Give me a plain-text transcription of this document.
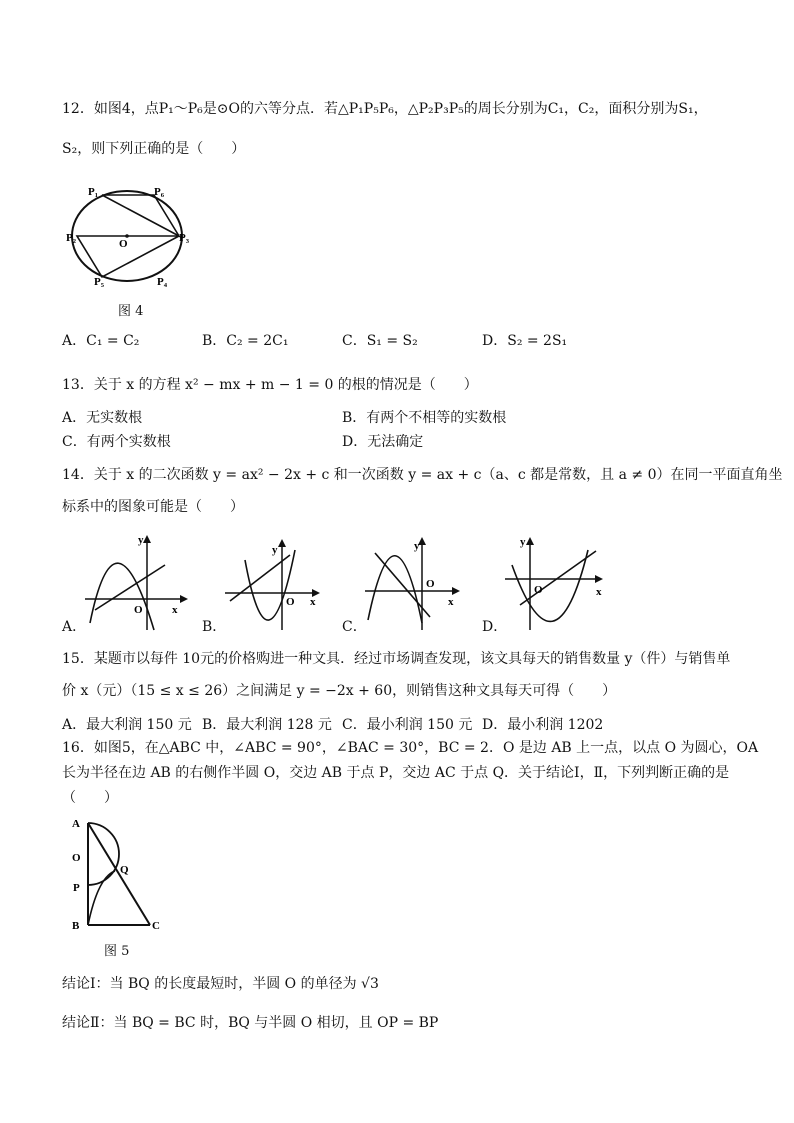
12．如图4，点P₁～P₆是⊙O的六等分点．若△P₁P₅P₆，△P₂P₃P₅的周长分别为C₁，C₂，面积分别为S₁，
S₂，则下列正确的是（　　）
P₁	P₆
P₂	O	P₃
P₅	P₄
图 4
A．C₁ = C₂	B．C₂ = 2C₁	C．S₁ = S₂	D．S₂ = 2S₁
13．关于 x 的方程 x² − mx + m − 1 = 0 的根的情况是（　　）
A．无实数根	B．有两个不相等的实数根
C．有两个实数根	D．无法确定
14．关于 x 的二次函数 y = ax² − 2x + c 和一次函数 y = ax + c（a、c 都是常数，且 a ≠ 0）在同一平面直角坐
标系中的图象可能是（　　）
y
O	x
A．
y
O x
B．
y
O
x
C．
y
O	x
D．
15．某题市以每件 10元的价格购进一种文具．经过市场调查发现，该文具每天的销售数量 y（件）与销售单
价 x（元）（15 ≤ x ≤ 26）之间满足 y = −2x + 60，则销售这种文具每天可得（　　）
A．最大利润 150 元 B．最大利润 128 元 C．最小利润 150 元 D．最小利润 1202
16．如图5，在△ABC 中，∠ABC = 90°，∠BAC = 30°，BC = 2．O 是边 AB 上一点，以点 O 为圆心，OA
长为半径在边 AB 的右侧作半圆 O，交边 AB 于点 P，交边 AC 于点 Q．关于结论Ⅰ，Ⅱ，下列判断正确的是
（　　）
A
O
P
Q
B	C
图 5
结论Ⅰ：当 BQ 的长度最短时，半圆 O 的单径为 √3
结论Ⅱ：当 BQ = BC 时，BQ 与半圆 O 相切，且 OP = BP
